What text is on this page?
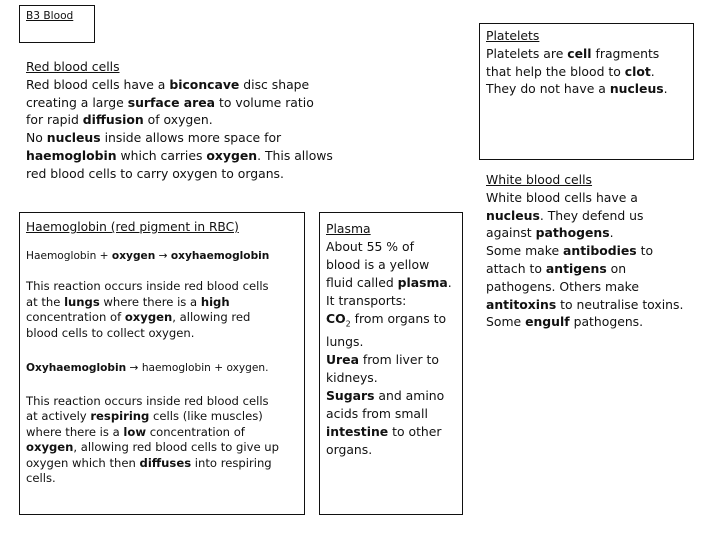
B3 Blood

Red blood cells

Red blood cells have a biconcave disc shape

creating a large surface area to volume ratio

for rapid diffusion of oxygen.

No nucleus inside allows more space for

haemoglobin which carries oxygen. This allows

red blood cells to carry oxygen to organs.

Haemoglobin (red pigment in RBC)

Haemoglobin + oxygen → oxyhaemoglobin

This reaction occurs inside red blood cells

at the lungs where there is a high

concentration of oxygen, allowing red

blood cells to collect oxygen.

Oxyhaemoglobin → haemoglobin + oxygen.

This reaction occurs inside red blood cells

at actively respiring cells (like muscles)

where there is a low concentration of

oxygen, allowing red blood cells to give up

oxygen which then diffuses into respiring

cells.

Plasma

About 55 % of

blood is a yellow

fluid called plasma.

It transports:

$CO_2$ from organs to

lungs.

Urea from liver to

kidneys.

Sugars and amino

acids from small

intestine to other

organs.

Platelets

Platelets are cell fragments

that help the blood to clot.

They do not have a nucleus.

White blood cells

White blood cells have a

nucleus. They defend us

against pathogens.

Some make antibodies to

attach to antigens on

pathogens. Others make

antitoxins to neutralise toxins.

Some engulf pathogens.
